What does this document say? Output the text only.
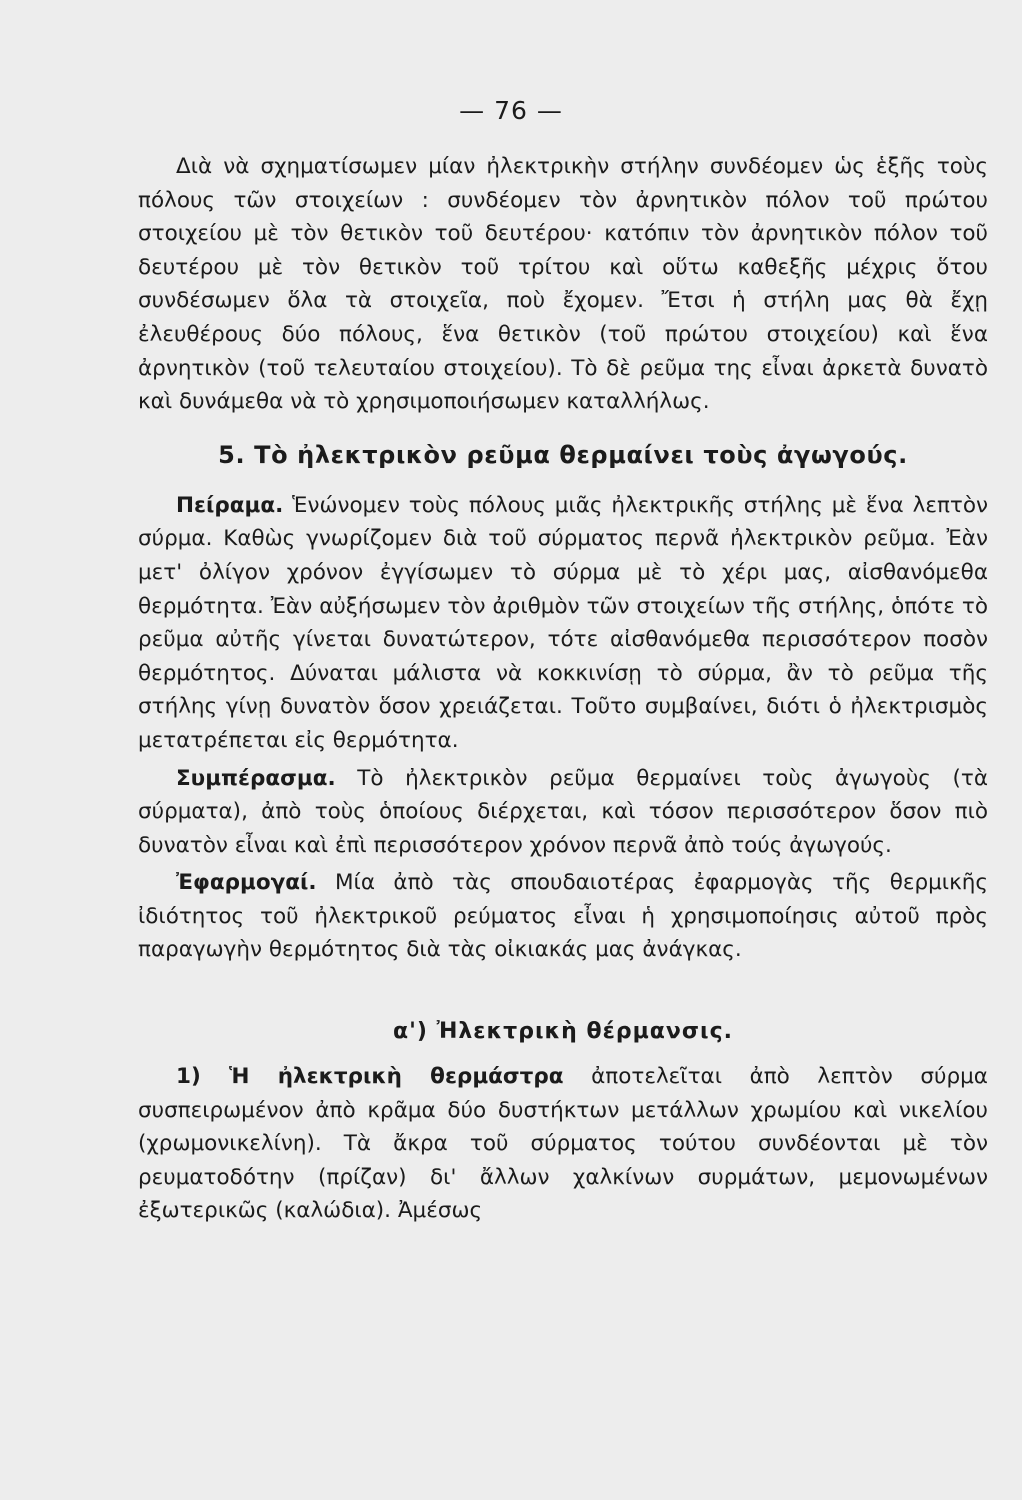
— 76 —

Διὰ νὰ σχηματίσωμεν μίαν ἠλεκτρικὴν στήλην συνδέομεν ὡς ἑξῆς τοὺς πόλους τῶν στοιχείων : συνδέομεν τὸν ἀρνητικὸν πόλον τοῦ πρώτου στοιχείου μὲ τὸν θετικὸν τοῦ δευτέρου· κατόπιν τὸν ἀρνητικὸν πόλον τοῦ δευτέρου μὲ τὸν θετικὸν τοῦ τρίτου καὶ οὕτω καθεξῆς μέχρις ὅτου συνδέσωμεν ὅλα τὰ στοιχεῖα, ποὺ ἔχομεν. Ἔτσι ἡ στήλη μας θὰ ἔχῃ ἐλευθέρους δύο πόλους, ἕνα θετικὸν (τοῦ πρώτου στοιχείου) καὶ ἕνα ἀρνητικὸν (τοῦ τελευταίου στοιχείου). Τὸ δὲ ρεῦμα της εἶναι ἀρκετὰ δυνατὸ καὶ δυνάμεθα νὰ τὸ χρησιμοποιήσωμεν καταλλήλως.

5. Τὸ ἠλεκτρικὸν ρεῦμα θερμαίνει τοὺς ἀγωγούς.

Πείραμα. Ἑνώνομεν τοὺς πόλους μιᾶς ἠλεκτρικῆς στήλης μὲ ἕνα λεπτὸν σύρμα. Καθὼς γνωρίζομεν διὰ τοῦ σύρματος περνᾶ ἠλεκτρικὸν ρεῦμα. Ἐὰν μετ' ὀλίγον χρόνον ἐγγίσωμεν τὸ σύρμα μὲ τὸ χέρι μας, αἰσθανόμεθα θερμότητα. Ἐὰν αὐξήσωμεν τὸν ἀριθμὸν τῶν στοιχείων τῆς στήλης, ὁπότε τὸ ρεῦμα αὐτῆς γίνεται δυνατώτερον, τότε αἰσθανόμεθα περισσότερον ποσὸν θερμότητος. Δύναται μάλιστα νὰ κοκκινίσῃ τὸ σύρμα, ἂν τὸ ρεῦμα τῆς στήλης γίνῃ δυνατὸν ὅσον χρειάζεται. Τοῦτο συμβαίνει, διότι ὁ ἠλεκτρισμὸς μετατρέπεται εἰς θερμότητα.

Συμπέρασμα. Τὸ ἠλεκτρικὸν ρεῦμα θερμαίνει τοὺς ἀγωγοὺς (τὰ σύρματα), ἀπὸ τοὺς ὁποίους διέρχεται, καὶ τόσον περισσότερον ὅσον πιὸ δυνατὸν εἶναι καὶ ἐπὶ περισσότερον χρόνον περνᾶ ἀπὸ τούς ἀγωγούς.

Ἐφαρμογαί. Μία ἀπὸ τὰς σπουδαιοτέρας ἐφαρμογὰς τῆς θερμικῆς ἰδιότητος τοῦ ἠλεκτρικοῦ ρεύματος εἶναι ἡ χρησιμοποίησις αὐτοῦ πρὸς παραγωγὴν θερμότητος διὰ τὰς οἰκιακάς μας ἀνάγκας.

α') Ἠλεκτρικὴ θέρμανσις.

1) Ἡ ἠλεκτρικὴ θερμάστρα ἀποτελεῖται ἀπὸ λεπτὸν σύρμα συσπειρωμένον ἀπὸ κρᾶμα δύο δυστήκτων μετάλλων χρωμίου καὶ νικελίου (χρωμονικελίνη). Τὰ ἄκρα τοῦ σύρματος τούτου συνδέονται μὲ τὸν ρευματοδότην (πρίζαν) δι' ἄλλων χαλκίνων συρμάτων, μεμονωμένων ἐξωτερικῶς (καλώδια). Ἀμέσως
